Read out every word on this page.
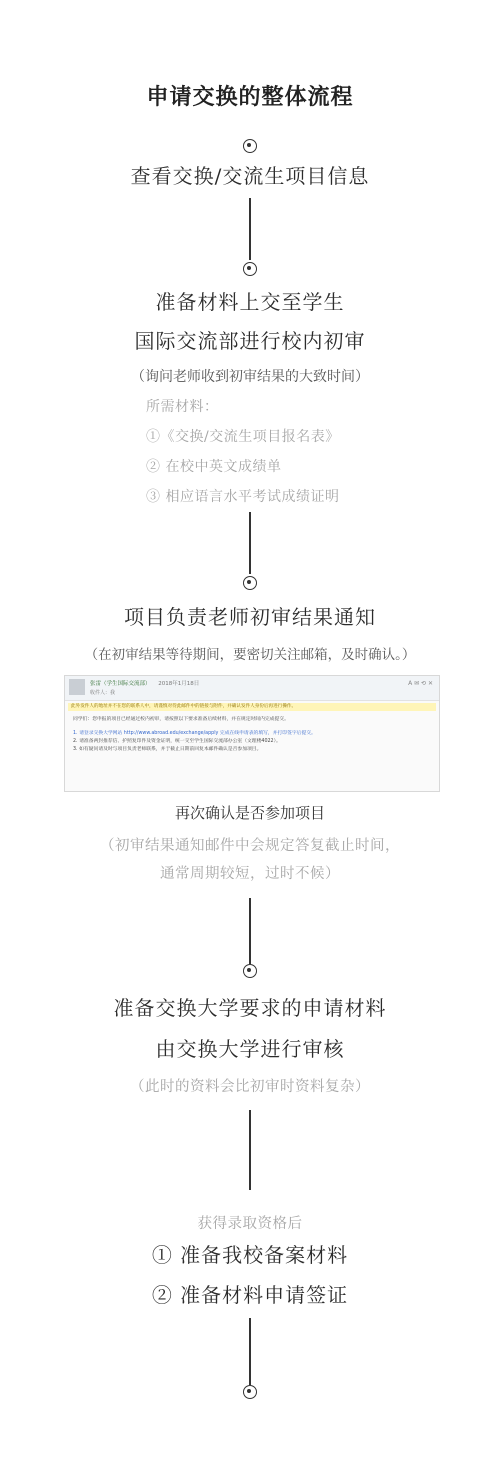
申请交换的整体流程
查看交换/交流生项目信息
准备材料上交至学生
国际交流部进行校内初审
（询问老师收到初审结果的大致时间）
所需材料：
①《交换/交流生项目报名表》
② 在校中英文成绩单
③ 相应语言水平考试成绩证明
项目负责老师初审结果通知
（在初审结果等待期间，要密切关注邮箱，及时确认。）
张雷（学生国际交流部） 2018年1月18日
收件人：我
A ✉ ⟲ ✕
此外发件人的地址并不在您的联系人中，请谨慎对待此邮件中的链接与附件，并确认发件人身份后再进行操作。
同学们：您申报的项目已经通过校内初审，请按照以下要求准备后续材料，并在规定时间内完成提交。
1. 请登录交换大学网站 http://www.abroad.edu/exchange/apply 完成在线申请表的填写，并打印签字后提交。
2. 请准备两封推荐信、护照复印件及资金证明，统一交至学生国际交流部办公室（文理楼4022）。
3. 如有疑问请及时与项目负责老师联系，并于截止日期前回复本邮件确认是否参加项目。
再次确认是否参加项目
（初审结果通知邮件中会规定答复截止时间，
通常周期较短，过时不候）
准备交换大学要求的申请材料
由交换大学进行审核
（此时的资料会比初审时资料复杂）
获得录取资格后
① 准备我校备案材料
② 准备材料申请签证
